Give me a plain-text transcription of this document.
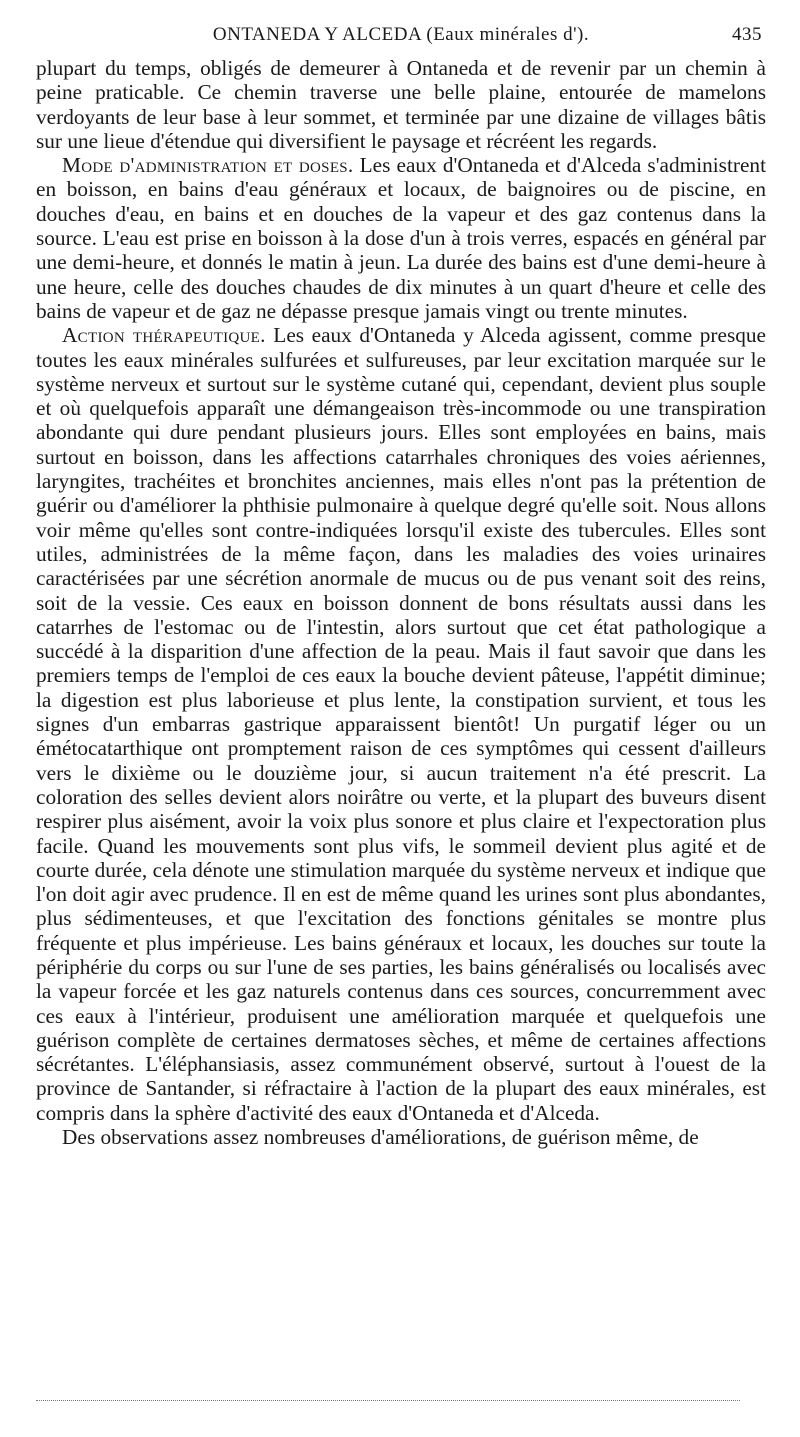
ONTANEDA Y ALCEDA (Eaux minérales d').	435

plupart du temps, obligés de demeurer à Ontaneda et de revenir par un chemin à peine praticable. Ce chemin traverse une belle plaine, entourée de mamelons verdoyants de leur base à leur sommet, et terminée par une dizaine de villages bâtis sur une lieue d'étendue qui diversifient le paysage et récréent les regards.

Mode d'administration et doses. Les eaux d'Ontaneda et d'Alceda s'administrent en boisson, en bains d'eau généraux et locaux, de baignoires ou de piscine, en douches d'eau, en bains et en douches de la vapeur et des gaz contenus dans la source. L'eau est prise en boisson à la dose d'un à trois verres, espacés en général par une demi-heure, et donnés le matin à jeun. La durée des bains est d'une demi-heure à une heure, celle des douches chaudes de dix minutes à un quart d'heure et celle des bains de vapeur et de gaz ne dépasse presque jamais vingt ou trente minutes.

Action thérapeutique. Les eaux d'Ontaneda y Alceda agissent, comme presque toutes les eaux minérales sulfurées et sulfureuses, par leur excitation marquée sur le système nerveux et surtout sur le système cutané qui, cependant, devient plus souple et où quelquefois apparaît une démangeaison très-incommode ou une transpiration abondante qui dure pendant plusieurs jours. Elles sont employées en bains, mais surtout en boisson, dans les affections catarrhales chroniques des voies aériennes, laryngites, trachéites et bronchites anciennes, mais elles n'ont pas la prétention de guérir ou d'améliorer la phthisie pulmonaire à quelque degré qu'elle soit. Nous allons voir même qu'elles sont contre-indiquées lorsqu'il existe des tubercules. Elles sont utiles, administrées de la même façon, dans les maladies des voies urinaires caractérisées par une sécrétion anormale de mucus ou de pus venant soit des reins, soit de la vessie. Ces eaux en boisson donnent de bons résultats aussi dans les catarrhes de l'estomac ou de l'intestin, alors surtout que cet état pathologique a succédé à la disparition d'une affection de la peau. Mais il faut savoir que dans les premiers temps de l'emploi de ces eaux la bouche devient pâteuse, l'appétit diminue; la digestion est plus laborieuse et plus lente, la constipation survient, et tous les signes d'un embarras gastrique apparaissent bientôt! Un purgatif léger ou un émétocatarthique ont promptement raison de ces symptômes qui cessent d'ailleurs vers le dixième ou le douzième jour, si aucun traitement n'a été prescrit. La coloration des selles devient alors noirâtre ou verte, et la plupart des buveurs disent respirer plus aisément, avoir la voix plus sonore et plus claire et l'expectoration plus facile. Quand les mouvements sont plus vifs, le sommeil devient plus agité et de courte durée, cela dénote une stimulation marquée du système nerveux et indique que l'on doit agir avec prudence. Il en est de même quand les urines sont plus abondantes, plus sédimenteuses, et que l'excitation des fonctions génitales se montre plus fréquente et plus impérieuse. Les bains généraux et locaux, les douches sur toute la périphérie du corps ou sur l'une de ses parties, les bains généralisés ou localisés avec la vapeur forcée et les gaz naturels contenus dans ces sources, concurremment avec ces eaux à l'intérieur, produisent une amélioration marquée et quelquefois une guérison complète de certaines dermatoses sèches, et même de certaines affections sécrétantes. L'éléphansiasis, assez communément observé, surtout à l'ouest de la province de Santander, si réfractaire à l'action de la plupart des eaux minérales, est compris dans la sphère d'activité des eaux d'Ontaneda et d'Alceda.

Des observations assez nombreuses d'améliorations, de guérison même, de
